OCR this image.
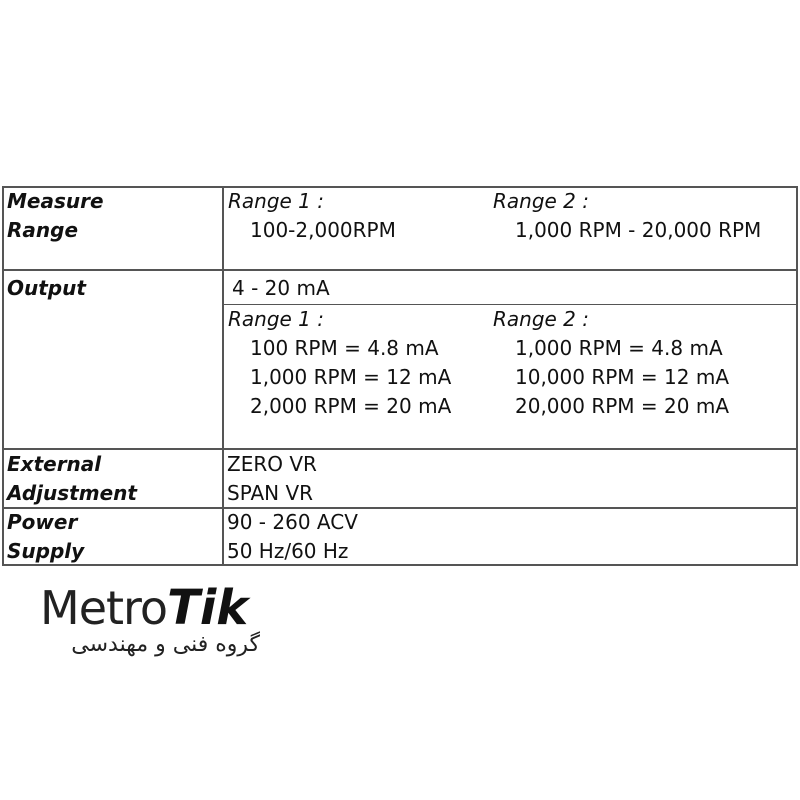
Measure
Range
Range 1 :
100-2,000RPM
Range 2 :
1,000 RPM - 20,000 RPM
Output	4 - 20 mA
Range 1 :
100 RPM = 4.8 mA
1,000 RPM = 12 mA
2,000 RPM = 20 mA
Range 2 :
1,000 RPM = 4.8 mA
10,000 RPM = 12 mA
20,000 RPM = 20 mA
External
Adjustment
ZERO VR
SPAN VR
Power
Supply
90 - 260 ACV
50 Hz/60 Hz
MetroTik
گروه فنی و مهندسی
